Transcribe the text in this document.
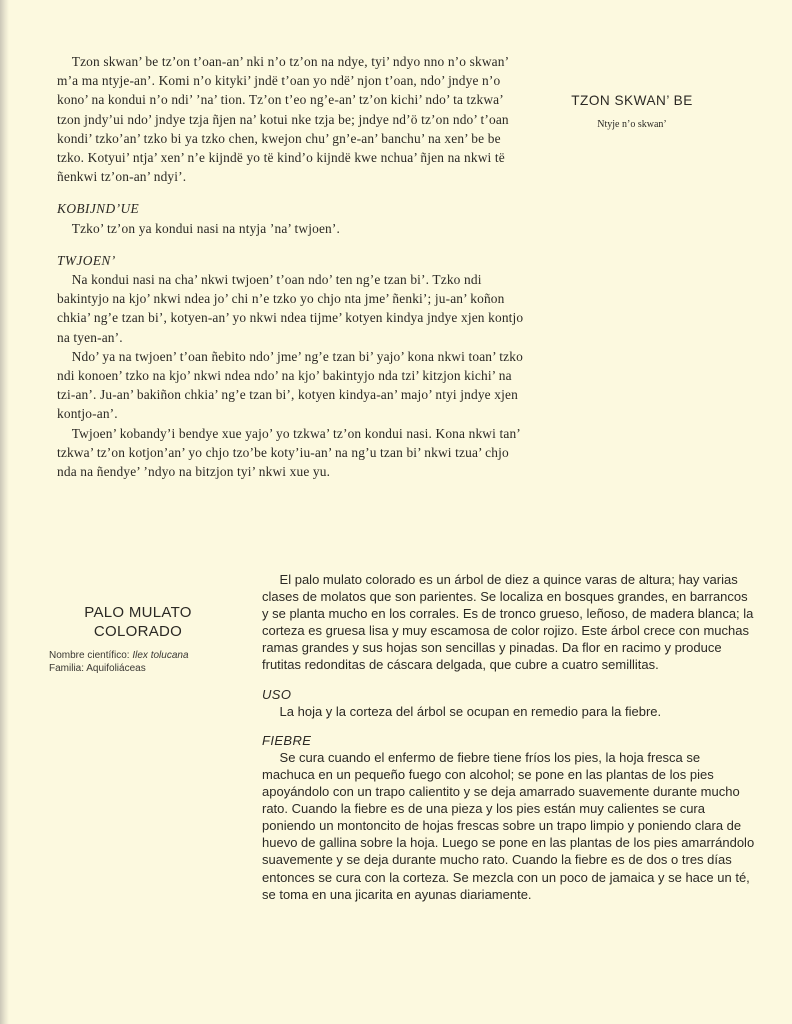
Tzon skwan’ be tz’on t’oan-an’ nki n’o tz’on na ndye, tyi’ ndyo nno n’o skwan’ m’a ma ntyje-an’. Komi n’o kityki’ jndë t’oan yo ndë’ njon t’oan, ndo’ jndye n’o kono’ na kondui n’o ndi’ ’na’ tion. Tz’on t’eo ng’e-an’ tz’on kichi’ ndo’ ta tzkwa’ tzon jndy’ui ndo’ jndye tzja ñjen na’ kotui nke tzja be; jndye nd’ö tz’on ndo’ t’oan kondi’ tzko’an’ tzko bi ya tzko chen, kwejon chu’ gn’e-an’ banchu’ na xen’ be be tzko. Kotyui’ ntja’ xen’ n’e kijndë yo të kind’o kijndë kwe nchua’ ñjen na nkwi të ñenkwi tz’on-an’ ndyi’.

KOBIJND’UE

Tzko’ tz’on ya kondui nasi na ntyja ’na’ twjoen’.

TWJOEN’

Na kondui nasi na cha’ nkwi twjoen’ t’oan ndo’ ten ng’e tzan bi’. Tzko ndi bakintyjo na kjo’ nkwi ndea jo’ chi n’e tzko yo chjo nta jme’ ñenki’; ju-an’ koñon chkia’ ng’e tzan bi’, kotyen-an’ yo nkwi ndea tijme’ kotyen kindya jndye xjen kontjo na tyen-an’.

Ndo’ ya na twjoen’ t’oan ñebito ndo’ jme’ ng’e tzan bi’ yajo’ kona nkwi toan’ tzko ndi konoen’ tzko na kjo’ nkwi ndea ndo’ na kjo’ bakintyjo nda tzi’ kitzjon kichi’ na tzi-an’. Ju-an’ bakiñon chkia’ ng’e tzan bi’, kotyen kindya-an’ majo’ ntyi jndye xjen kontjo-an’.

Twjoen’ kobandy’i bendye xue yajo’ yo tzkwa’ tz’on kondui nasi. Kona nkwi tan’ tzkwa’ tz’on kotjon’an’ yo chjo tzo’be koty’iu-an’ na ng’u tzan bi’ nkwi tzua’ chjo nda na ñendye’ ’ndyo na bitzjon tyi’ nkwi xue yu.

TZON SKWAN’ BE
Ntyje n’o skwan’
PALO MULATO
COLORADO
Nombre científico: Ilex tolucana
Familia: Aquifoliáceas

El palo mulato colorado es un árbol de diez a quince varas de altura; hay varias clases de molatos que son parientes. Se localiza en bosques grandes, en barrancos y se planta mucho en los corrales. Es de tronco grueso, leñoso, de madera blanca; la corteza es gruesa lisa y muy escamosa de color rojizo. Este árbol crece con muchas ramas grandes y sus hojas son sencillas y pinadas. Da flor en racimo y produce frutitas redonditas de cáscara delgada, que cubre a cuatro semillitas.

USO

La hoja y la corteza del árbol se ocupan en remedio para la fiebre.

FIEBRE

Se cura cuando el enfermo de fiebre tiene fríos los pies, la hoja fresca se machuca en un pequeño fuego con alcohol; se pone en las plantas de los pies apoyándolo con un trapo calientito y se deja amarrado suavemente durante mucho rato. Cuando la fiebre es de una pieza y los pies están muy calientes se cura poniendo un montoncito de hojas frescas sobre un trapo limpio y poniendo clara de huevo de gallina sobre la hoja. Luego se pone en las plantas de los pies amarrándolo suavemente y se deja durante mucho rato. Cuando la fiebre es de dos o tres días entonces se cura con la corteza. Se mezcla con un poco de jamaica y se hace un té, se toma en una jicarita en ayunas diariamente.
